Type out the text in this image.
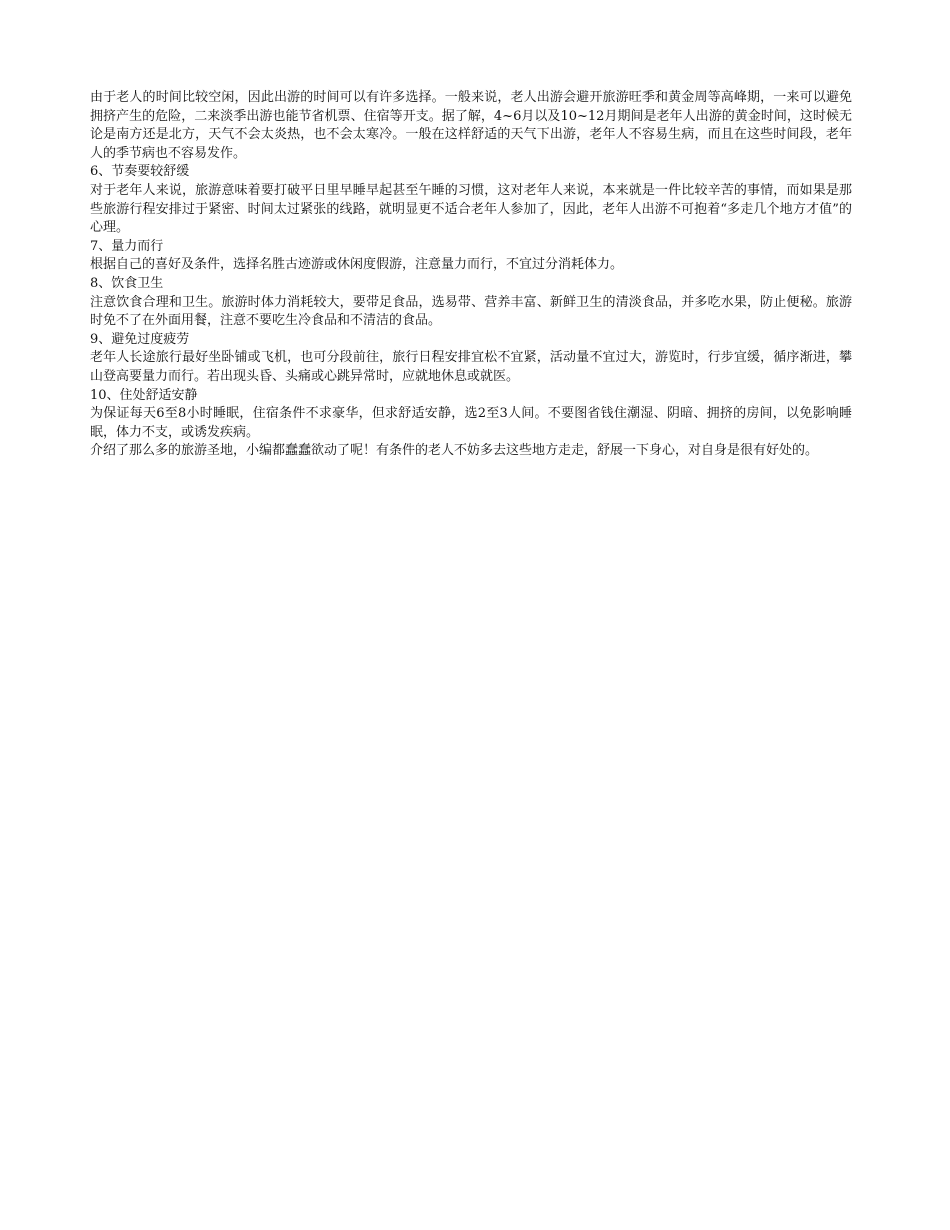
由于老人的时间比较空闲，因此出游的时间可以有许多选择。一般来说，老人出游会避开旅游旺季和黄金周等高峰期，一来可以避免拥挤产生的危险，二来淡季出游也能节省机票、住宿等开支。据了解，4~6月以及10~12月期间是老年人出游的黄金时间，这时候无论是南方还是北方，天气不会太炎热，也不会太寒冷。一般在这样舒适的天气下出游，老年人不容易生病，而且在这些时间段，老年人的季节病也不容易发作。

6、节奏要较舒缓

对于老年人来说，旅游意味着要打破平日里早睡早起甚至午睡的习惯，这对老年人来说，本来就是一件比较辛苦的事情，而如果是那些旅游行程安排过于紧密、时间太过紧张的线路，就明显更不适合老年人参加了，因此，老年人出游不可抱着“多走几个地方才值”的心理。

7、量力而行

根据自己的喜好及条件，选择名胜古迹游或休闲度假游，注意量力而行，不宜过分消耗体力。

8、饮食卫生

注意饮食合理和卫生。旅游时体力消耗较大，要带足食品，选易带、营养丰富、新鲜卫生的清淡食品，并多吃水果，防止便秘。旅游时免不了在外面用餐，注意不要吃生冷食品和不清洁的食品。

9、避免过度疲劳

老年人长途旅行最好坐卧铺或飞机，也可分段前往，旅行日程安排宜松不宜紧，活动量不宜过大，游览时，行步宜缓，循序渐进，攀山登高要量力而行。若出现头昏、头痛或心跳异常时，应就地休息或就医。

10、住处舒适安静

为保证每天6至8小时睡眠，住宿条件不求豪华，但求舒适安静，选2至3人间。不要图省钱住潮湿、阴暗、拥挤的房间，以免影响睡眠，体力不支，或诱发疾病。

介绍了那么多的旅游圣地，小编都蠢蠢欲动了呢！有条件的老人不妨多去这些地方走走，舒展一下身心，对自身是很有好处的。
